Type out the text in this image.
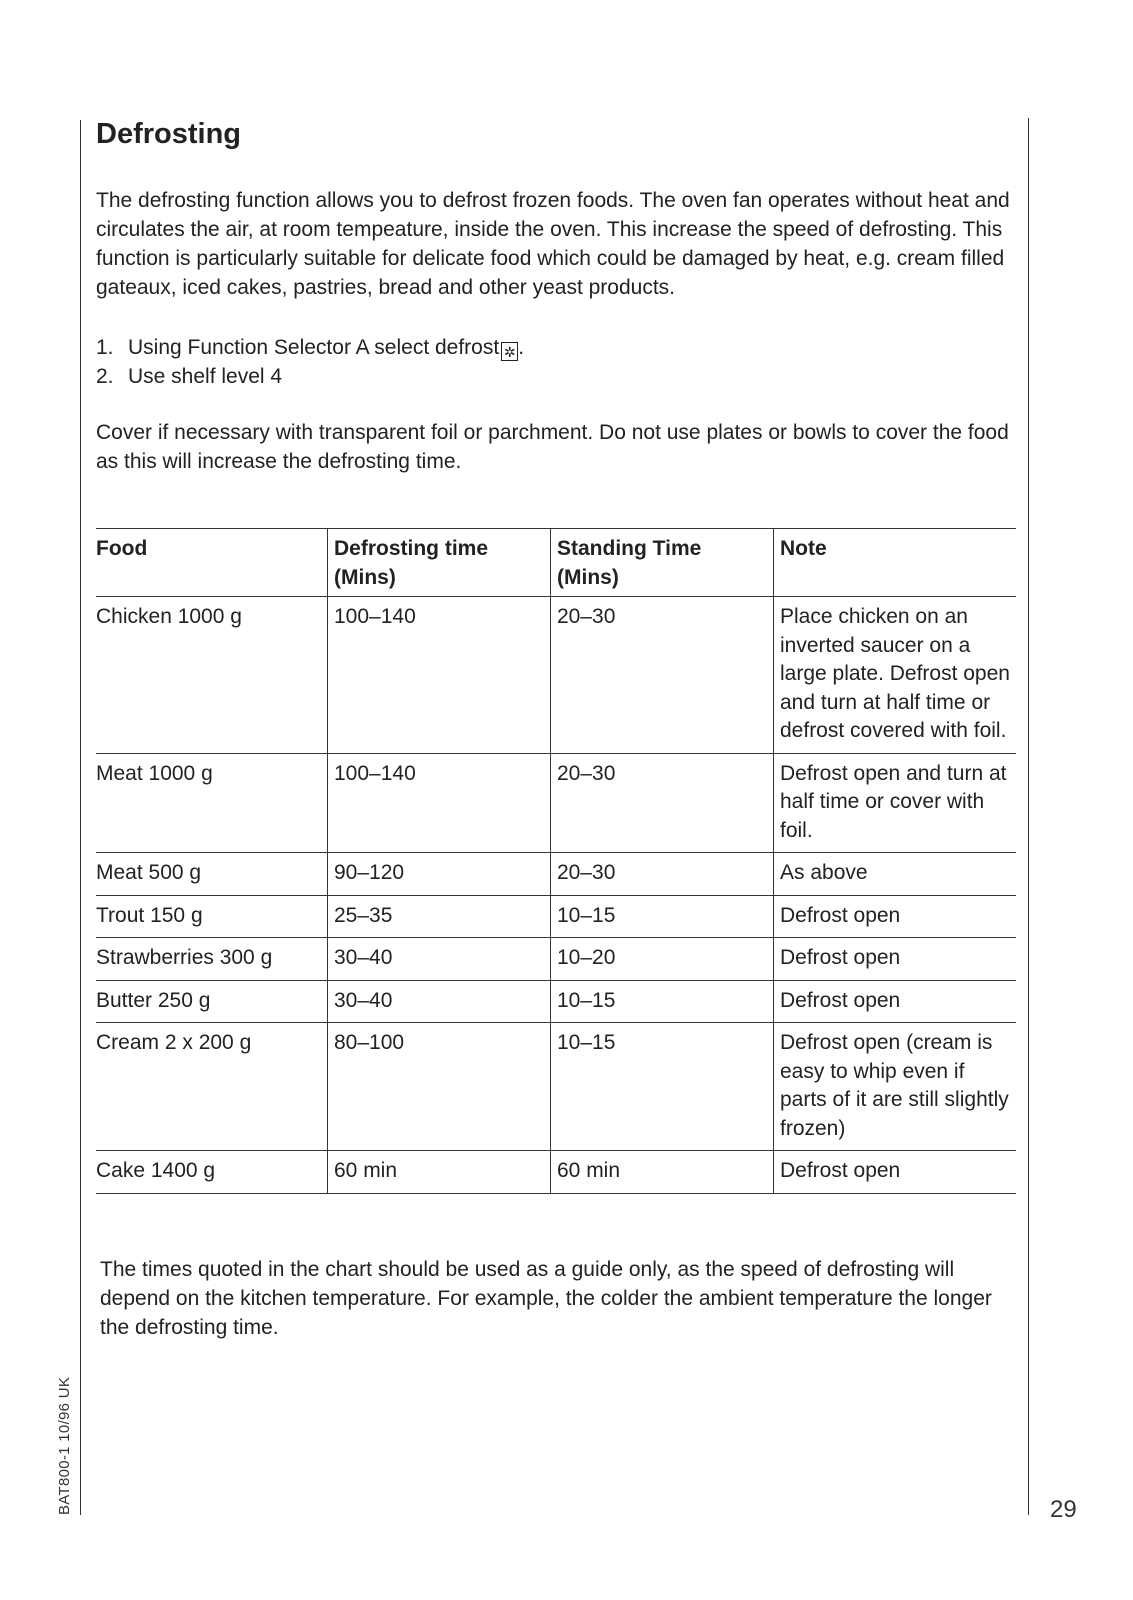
Defrosting

The defrosting function allows you to defrost frozen foods. The oven fan operates without heat and circulates the air, at room tempeature, inside the oven. This increase the speed of defrosting. This function is particularly suitable for delicate food which could be damaged by heat, e.g. cream filled gateaux, iced cakes, pastries, bread and other yeast products.

1. Using Function Selector A select defrost ✲ .
2. Use shelf level 4

Cover if necessary with transparent foil or parchment. Do not use plates or bowls to cover the food as this will increase the defrosting time.

Food	Defrosting time (Mins)	Standing Time (Mins)	Note
Chicken 1000 g	100–140	20–30	Place chicken on an inverted saucer on a large plate. Defrost open and turn at half time or defrost covered with foil.
Meat 1000 g	100–140	20–30	Defrost open and turn at half time or cover with foil.
Meat 500 g	90–120	20–30	As above
Trout 150 g	25–35	10–15	Defrost open
Strawberries 300 g	30–40	10–20	Defrost open
Butter 250 g	30–40	10–15	Defrost open
Cream 2 x 200 g	80–100	10–15	Defrost open (cream is easy to whip even if parts of it are still slightly frozen)
Cake 1400 g	60 min	60 min	Defrost open

The times quoted in the chart should be used as a guide only, as the speed of defrosting will depend on the kitchen temperature. For example, the colder the ambient temperature the longer the defrosting time.

BAT800-1 10/96 UK	29
